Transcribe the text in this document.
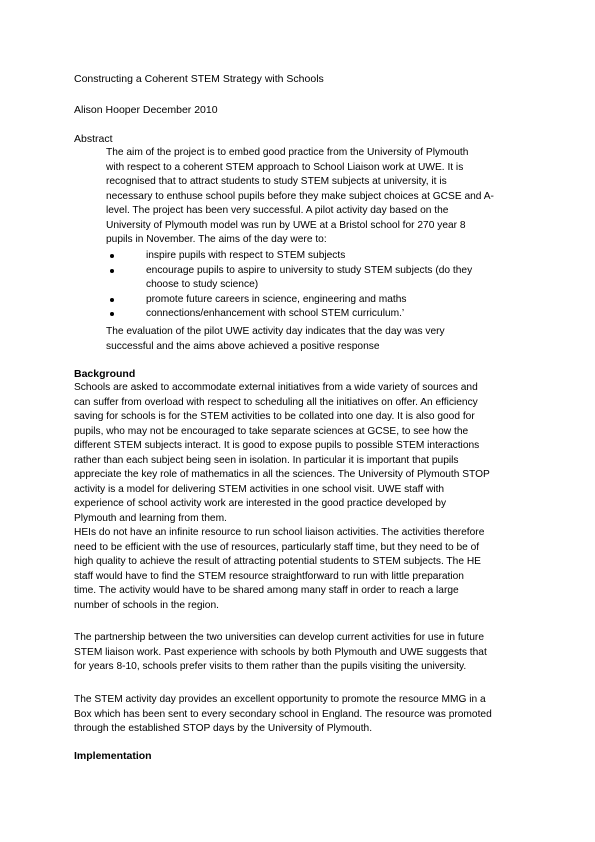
Constructing a Coherent STEM Strategy with Schools
Alison Hooper December 2010
Abstract
The aim of the project is to embed good practice from the University of Plymouth
with respect to a coherent STEM approach to School Liaison work at UWE. It is
recognised that to attract students to study STEM subjects at university, it is
necessary to enthuse school pupils before they make subject choices at GCSE and A-
level. The project has been very successful. A pilot activity day based on the
University of Plymouth model was run by UWE at a Bristol school for 270 year 8
pupils in November. The aims of the day were to:
inspire pupils with respect to STEM subjects
encourage pupils to aspire to university to study STEM subjects (do they
choose to study science)
promote future careers in science, engineering and maths
connections/enhancement with school STEM curriculum.’
The evaluation of the pilot UWE activity day indicates that the day was very
successful and the aims above achieved a positive response
Background
Schools are asked to accommodate external initiatives from a wide variety of sources and
can suffer from overload with respect to scheduling all the initiatives on offer. An efficiency
saving for schools is for the STEM activities to be collated into one day. It is also good for
pupils, who may not be encouraged to take separate sciences at GCSE, to see how the
different STEM subjects interact. It is good to expose pupils to possible STEM interactions
rather than each subject being seen in isolation. In particular it is important that pupils
appreciate the key role of mathematics in all the sciences. The University of Plymouth STOP
activity is a model for delivering STEM activities in one school visit. UWE staff with
experience of school activity work are interested in the good practice developed by
Plymouth and learning from them.
HEIs do not have an infinite resource to run school liaison activities. The activities therefore
need to be efficient with the use of resources, particularly staff time, but they need to be of
high quality to achieve the result of attracting potential students to STEM subjects. The HE
staff would have to find the STEM resource straightforward to run with little preparation
time. The activity would have to be shared among many staff in order to reach a large
number of schools in the region.
The partnership between the two universities can develop current activities for use in future
STEM liaison work. Past experience with schools by both Plymouth and UWE suggests that
for years 8-10, schools prefer visits to them rather than the pupils visiting the university.
The STEM activity day provides an excellent opportunity to promote the resource MMG in a
Box which has been sent to every secondary school in England. The resource was promoted
through the established STOP days by the University of Plymouth.
Implementation
